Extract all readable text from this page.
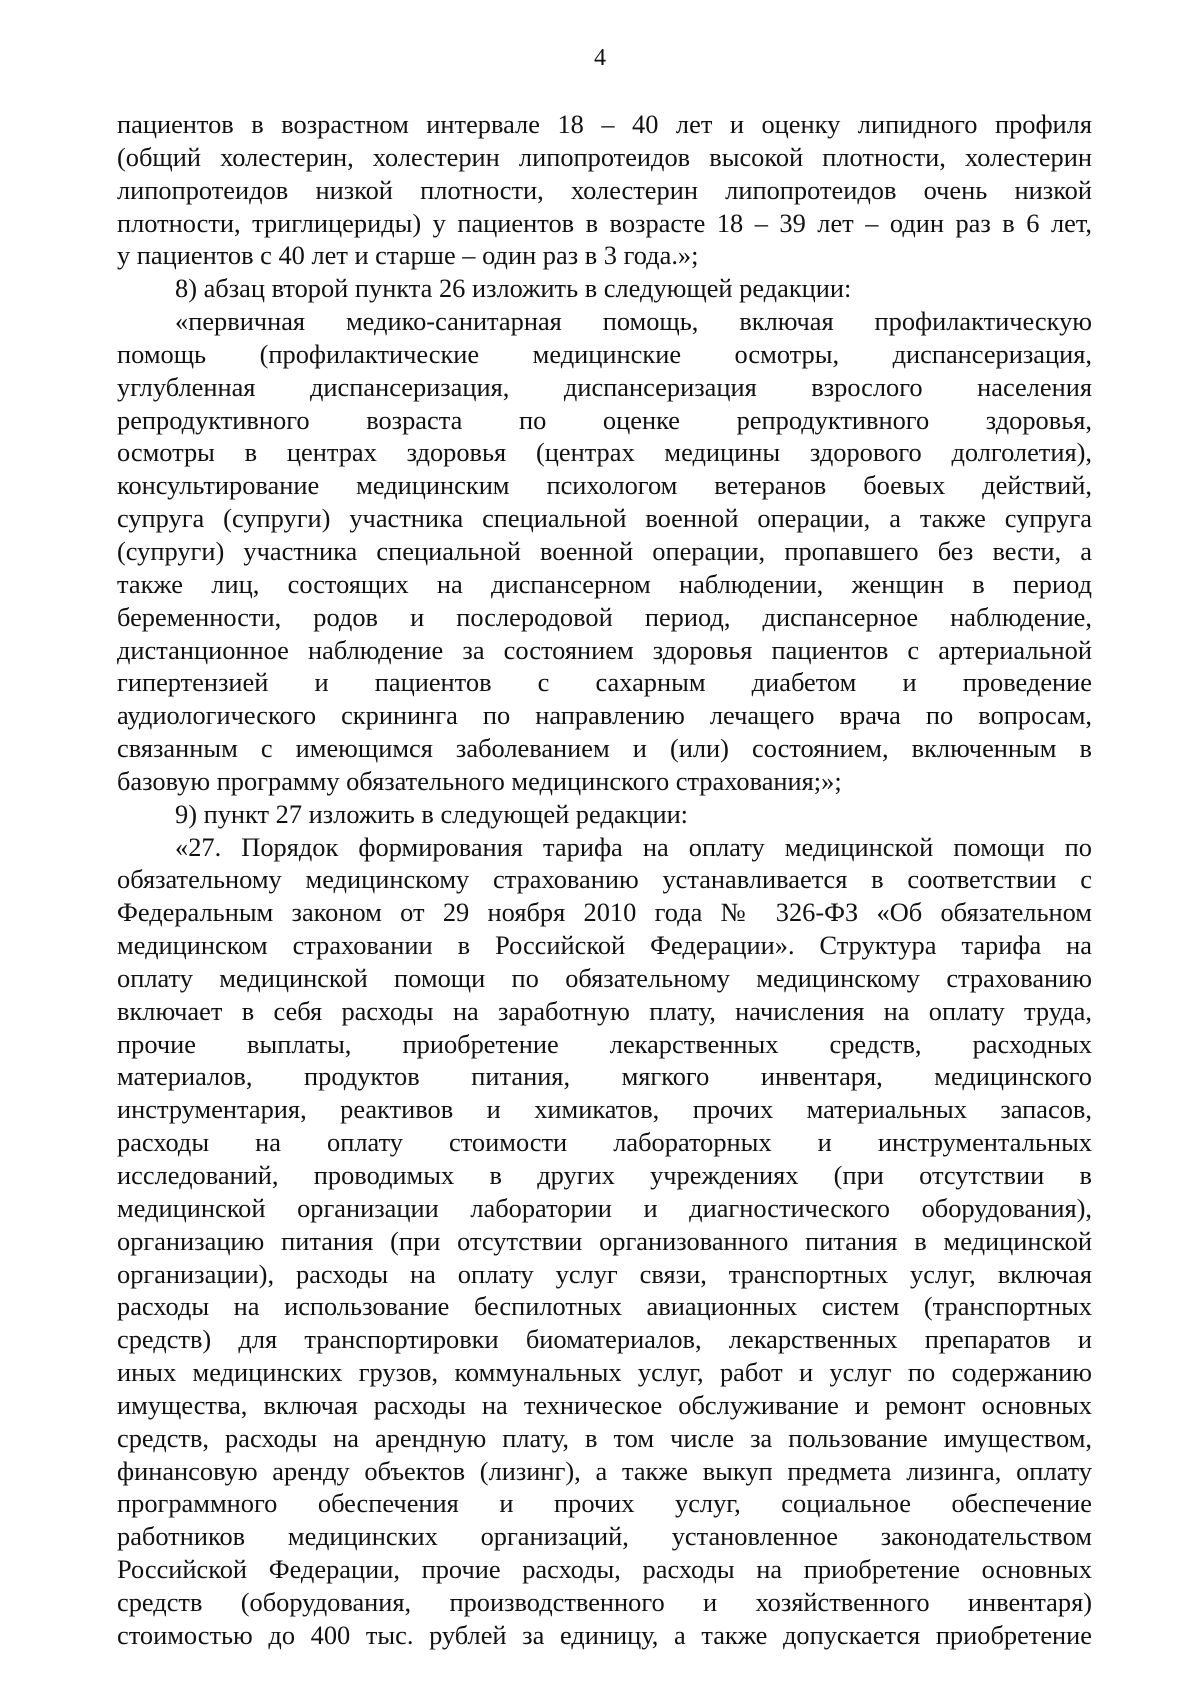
4
пациентов в возрастном интервале 18 – 40 лет и оценку липидного профиля
(общий холестерин, холестерин липопротеидов высокой плотности, холестерин
липопротеидов низкой плотности, холестерин липопротеидов очень низкой
плотности, триглицериды) у пациентов в возрасте 18 – 39 лет – один раз в 6 лет,
у пациентов с 40 лет и старше – один раз в 3 года.»;
8) абзац второй пункта 26 изложить в следующей редакции:
«первичная медико-санитарная помощь, включая профилактическую
помощь (профилактические медицинские осмотры, диспансеризация,
углубленная диспансеризация, диспансеризация взрослого населения
репродуктивного возраста по оценке репродуктивного здоровья,
осмотры в центрах здоровья (центрах медицины здорового долголетия),
консультирование медицинским психологом ветеранов боевых действий,
супруга (супруги) участника специальной военной операции, а также супруга
(супруги) участника специальной военной операции, пропавшего без вести, а
также лиц, состоящих на диспансерном наблюдении, женщин в период
беременности, родов и послеродовой период, диспансерное наблюдение,
дистанционное наблюдение за состоянием здоровья пациентов с артериальной
гипертензией и пациентов с сахарным диабетом и проведение
аудиологического скрининга по направлению лечащего врача по вопросам,
связанным с имеющимся заболеванием и (или) состоянием, включенным в
базовую программу обязательного медицинского страхования;»;
9) пункт 27 изложить в следующей редакции:
«27. Порядок формирования тарифа на оплату медицинской помощи по
обязательному медицинскому страхованию устанавливается в соответствии с
Федеральным законом от 29 ноября 2010 года № 326-ФЗ «Об обязательном
медицинском страховании в Российской Федерации». Структура тарифа на
оплату медицинской помощи по обязательному медицинскому страхованию
включает в себя расходы на заработную плату, начисления на оплату труда,
прочие выплаты, приобретение лекарственных средств, расходных
материалов, продуктов питания, мягкого инвентаря, медицинского
инструментария, реактивов и химикатов, прочих материальных запасов,
расходы на оплату стоимости лабораторных и инструментальных
исследований, проводимых в других учреждениях (при отсутствии в
медицинской организации лаборатории и диагностического оборудования),
организацию питания (при отсутствии организованного питания в медицинской
организации), расходы на оплату услуг связи, транспортных услуг, включая
расходы на использование беспилотных авиационных систем (транспортных
средств) для транспортировки биоматериалов, лекарственных препаратов и
иных медицинских грузов, коммунальных услуг, работ и услуг по содержанию
имущества, включая расходы на техническое обслуживание и ремонт основных
средств, расходы на арендную плату, в том числе за пользование имуществом,
финансовую аренду объектов (лизинг), а также выкуп предмета лизинга, оплату
программного обеспечения и прочих услуг, социальное обеспечение
работников медицинских организаций, установленное законодательством
Российской Федерации, прочие расходы, расходы на приобретение основных
средств (оборудования, производственного и хозяйственного инвентаря)
стоимостью до 400 тыс. рублей за единицу, а также допускается приобретение
